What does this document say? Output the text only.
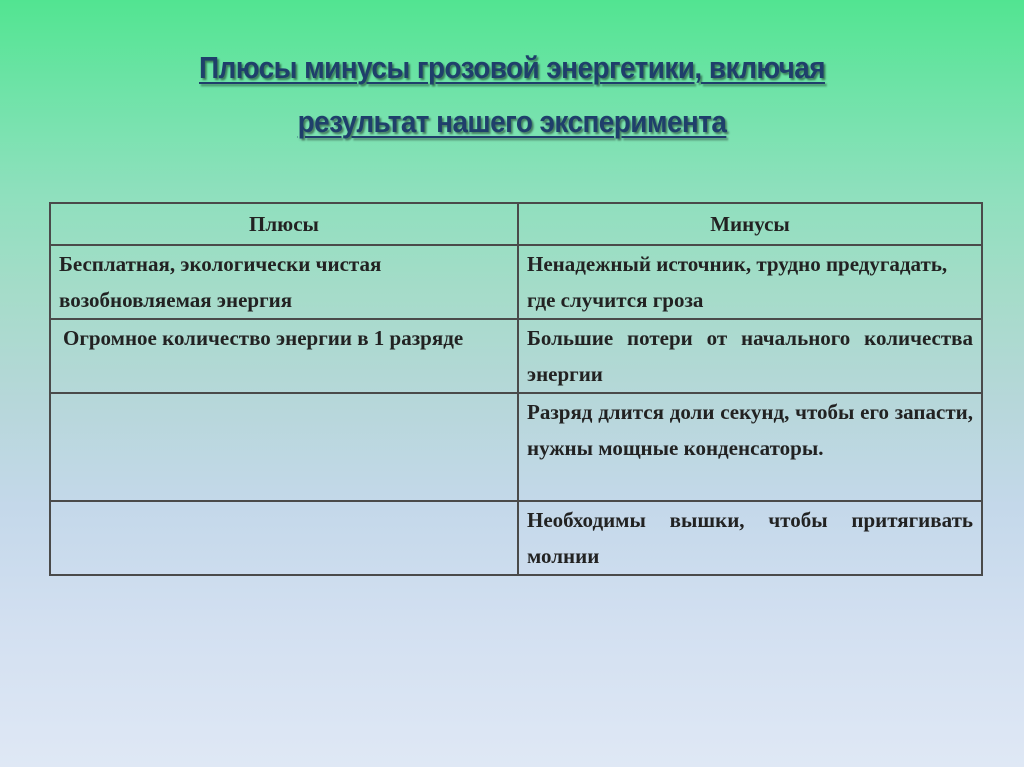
Плюсы минусы грозовой энергетики, включая
результат нашего эксперимента
Плюсы	Минусы
Бесплатная, экологически чистая возобновляемая энергия	Ненадежный источник, трудно предугадать, где случится гроза
Огромное количество энергии в 1 разряде	Большие потери от начального количества энергии
	Разряд длится доли секунд, чтобы его запасти, нужны мощные конденсаторы.
	Необходимы вышки, чтобы притягивать молнии
